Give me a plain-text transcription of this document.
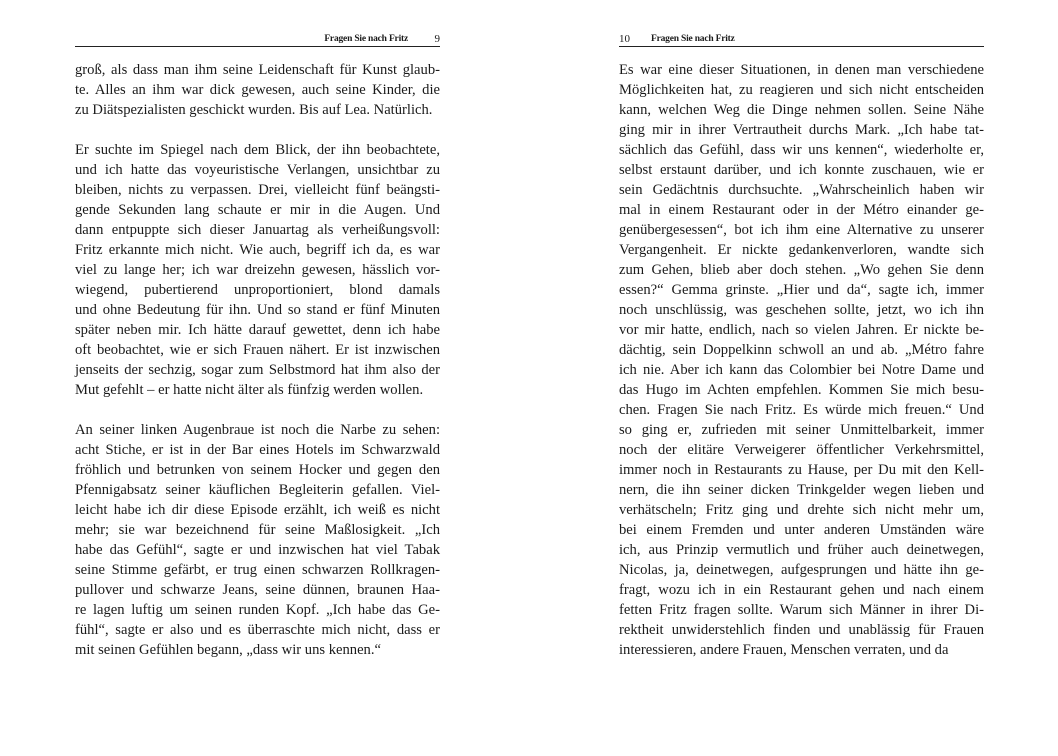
Fragen Sie nach Fritz 9
groß, als dass man ihm seine Leidenschaft für Kunst glaub-
te. Alles an ihm war dick gewesen, auch seine Kinder, die
zu Diätspezialisten geschickt wurden. Bis auf Lea. Natürlich.
Er suchte im Spiegel nach dem Blick, der ihn beobachtete,
und ich hatte das voyeuristische Verlangen, unsichtbar zu
bleiben, nichts zu verpassen. Drei, vielleicht fünf beängsti-
gende Sekunden lang schaute er mir in die Augen. Und
dann entpuppte sich dieser Januartag als verheißungsvoll:
Fritz erkannte mich nicht. Wie auch, begriff ich da, es war
viel zu lange her; ich war dreizehn gewesen, hässlich vor-
wiegend, pubertierend unproportioniert, blond damals
und ohne Bedeutung für ihn. Und so stand er fünf Minuten
später neben mir. Ich hätte darauf gewettet, denn ich habe
oft beobachtet, wie er sich Frauen nähert. Er ist inzwischen
jenseits der sechzig, sogar zum Selbstmord hat ihm also der
Mut gefehlt – er hatte nicht älter als fünfzig werden wollen.
An seiner linken Augenbraue ist noch die Narbe zu sehen:
acht Stiche, er ist in der Bar eines Hotels im Schwarzwald
fröhlich und betrunken von seinem Hocker und gegen den
Pfennigabsatz seiner käuflichen Begleiterin gefallen. Viel-
leicht habe ich dir diese Episode erzählt, ich weiß es nicht
mehr; sie war bezeichnend für seine Maßlosigkeit. „Ich
habe das Gefühl“, sagte er und inzwischen hat viel Tabak
seine Stimme gefärbt, er trug einen schwarzen Rollkragen-
pullover und schwarze Jeans, seine dünnen, braunen Haa-
re lagen luftig um seinen runden Kopf. „Ich habe das Ge-
fühl“, sagte er also und es überraschte mich nicht, dass er
mit seinen Gefühlen begann, „dass wir uns kennen.“
10 Fragen Sie nach Fritz
Es war eine dieser Situationen, in denen man verschiedene
Möglichkeiten hat, zu reagieren und sich nicht entscheiden
kann, welchen Weg die Dinge nehmen sollen. Seine Nähe
ging mir in ihrer Vertrautheit durchs Mark. „Ich habe tat-
sächlich das Gefühl, dass wir uns kennen“, wiederholte er,
selbst erstaunt darüber, und ich konnte zuschauen, wie er
sein Gedächtnis durchsuchte. „Wahrscheinlich haben wir
mal in einem Restaurant oder in der Métro einander ge-
genübergesessen“, bot ich ihm eine Alternative zu unserer
Vergangenheit. Er nickte gedankenverloren, wandte sich
zum Gehen, blieb aber doch stehen. „Wo gehen Sie denn
essen?“ Gemma grinste. „Hier und da“, sagte ich, immer
noch unschlüssig, was geschehen sollte, jetzt, wo ich ihn
vor mir hatte, endlich, nach so vielen Jahren. Er nickte be-
dächtig, sein Doppelkinn schwoll an und ab. „Métro fahre
ich nie. Aber ich kann das Colombier bei Notre Dame und
das Hugo im Achten empfehlen. Kommen Sie mich besu-
chen. Fragen Sie nach Fritz. Es würde mich freuen.“ Und
so ging er, zufrieden mit seiner Unmittelbarkeit, immer
noch der elitäre Verweigerer öffentlicher Verkehrsmittel,
immer noch in Restaurants zu Hause, per Du mit den Kell-
nern, die ihn seiner dicken Trinkgelder wegen lieben und
verhätscheln; Fritz ging und drehte sich nicht mehr um,
bei einem Fremden und unter anderen Umständen wäre
ich, aus Prinzip vermutlich und früher auch deinetwegen,
Nicolas, ja, deinetwegen, aufgesprungen und hätte ihn ge-
fragt, wozu ich in ein Restaurant gehen und nach einem
fetten Fritz fragen sollte. Warum sich Männer in ihrer Di-
rektheit unwiderstehlich finden und unablässig für Frauen
interessieren, andere Frauen, Menschen verraten, und da
